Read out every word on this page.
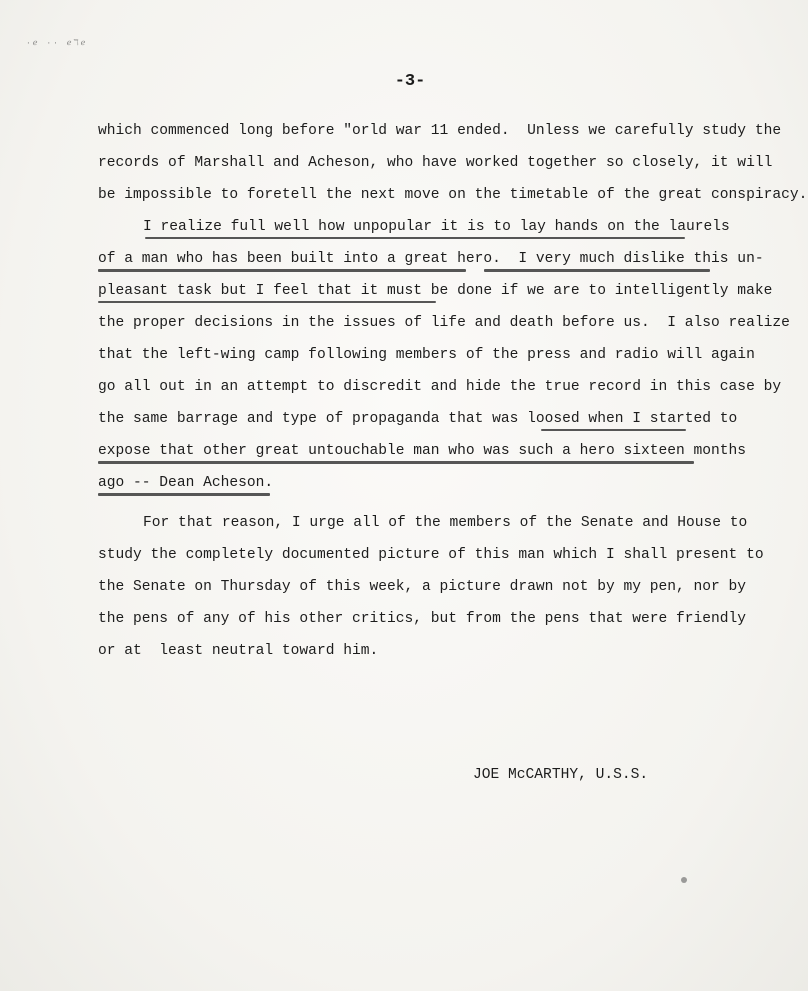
·ℯ ·· ℯℸℯ
-3-
which commenced long before "orld war 11 ended.  Unless we carefully study the
records of Marshall and Acheson, who have worked together so closely, it will
be impossible to foretell the next move on the timetable of the great conspiracy.
I realize full well how unpopular it is to lay hands on the laurels
of a man who has been built into a great hero.  I very much dislike this un-
pleasant task but I feel that it must be done if we are to intelligently make
the proper decisions in the issues of life and death before us.  I also realize
that the left-wing camp following members of the press and radio will again
go all out in an attempt to discredit and hide the true record in this case by
the same barrage and type of propaganda that was loosed when I started to
expose that other great untouchable man who was such a hero sixteen months
ago -- Dean Acheson.
For that reason, I urge all of the members of the Senate and House to
study the completely documented picture of this man which I shall present to
the Senate on Thursday of this week, a picture drawn not by my pen, nor by
the pens of any of his other critics, but from the pens that were friendly
or at  least neutral toward him.
JOE McCARTHY, U.S.S.
